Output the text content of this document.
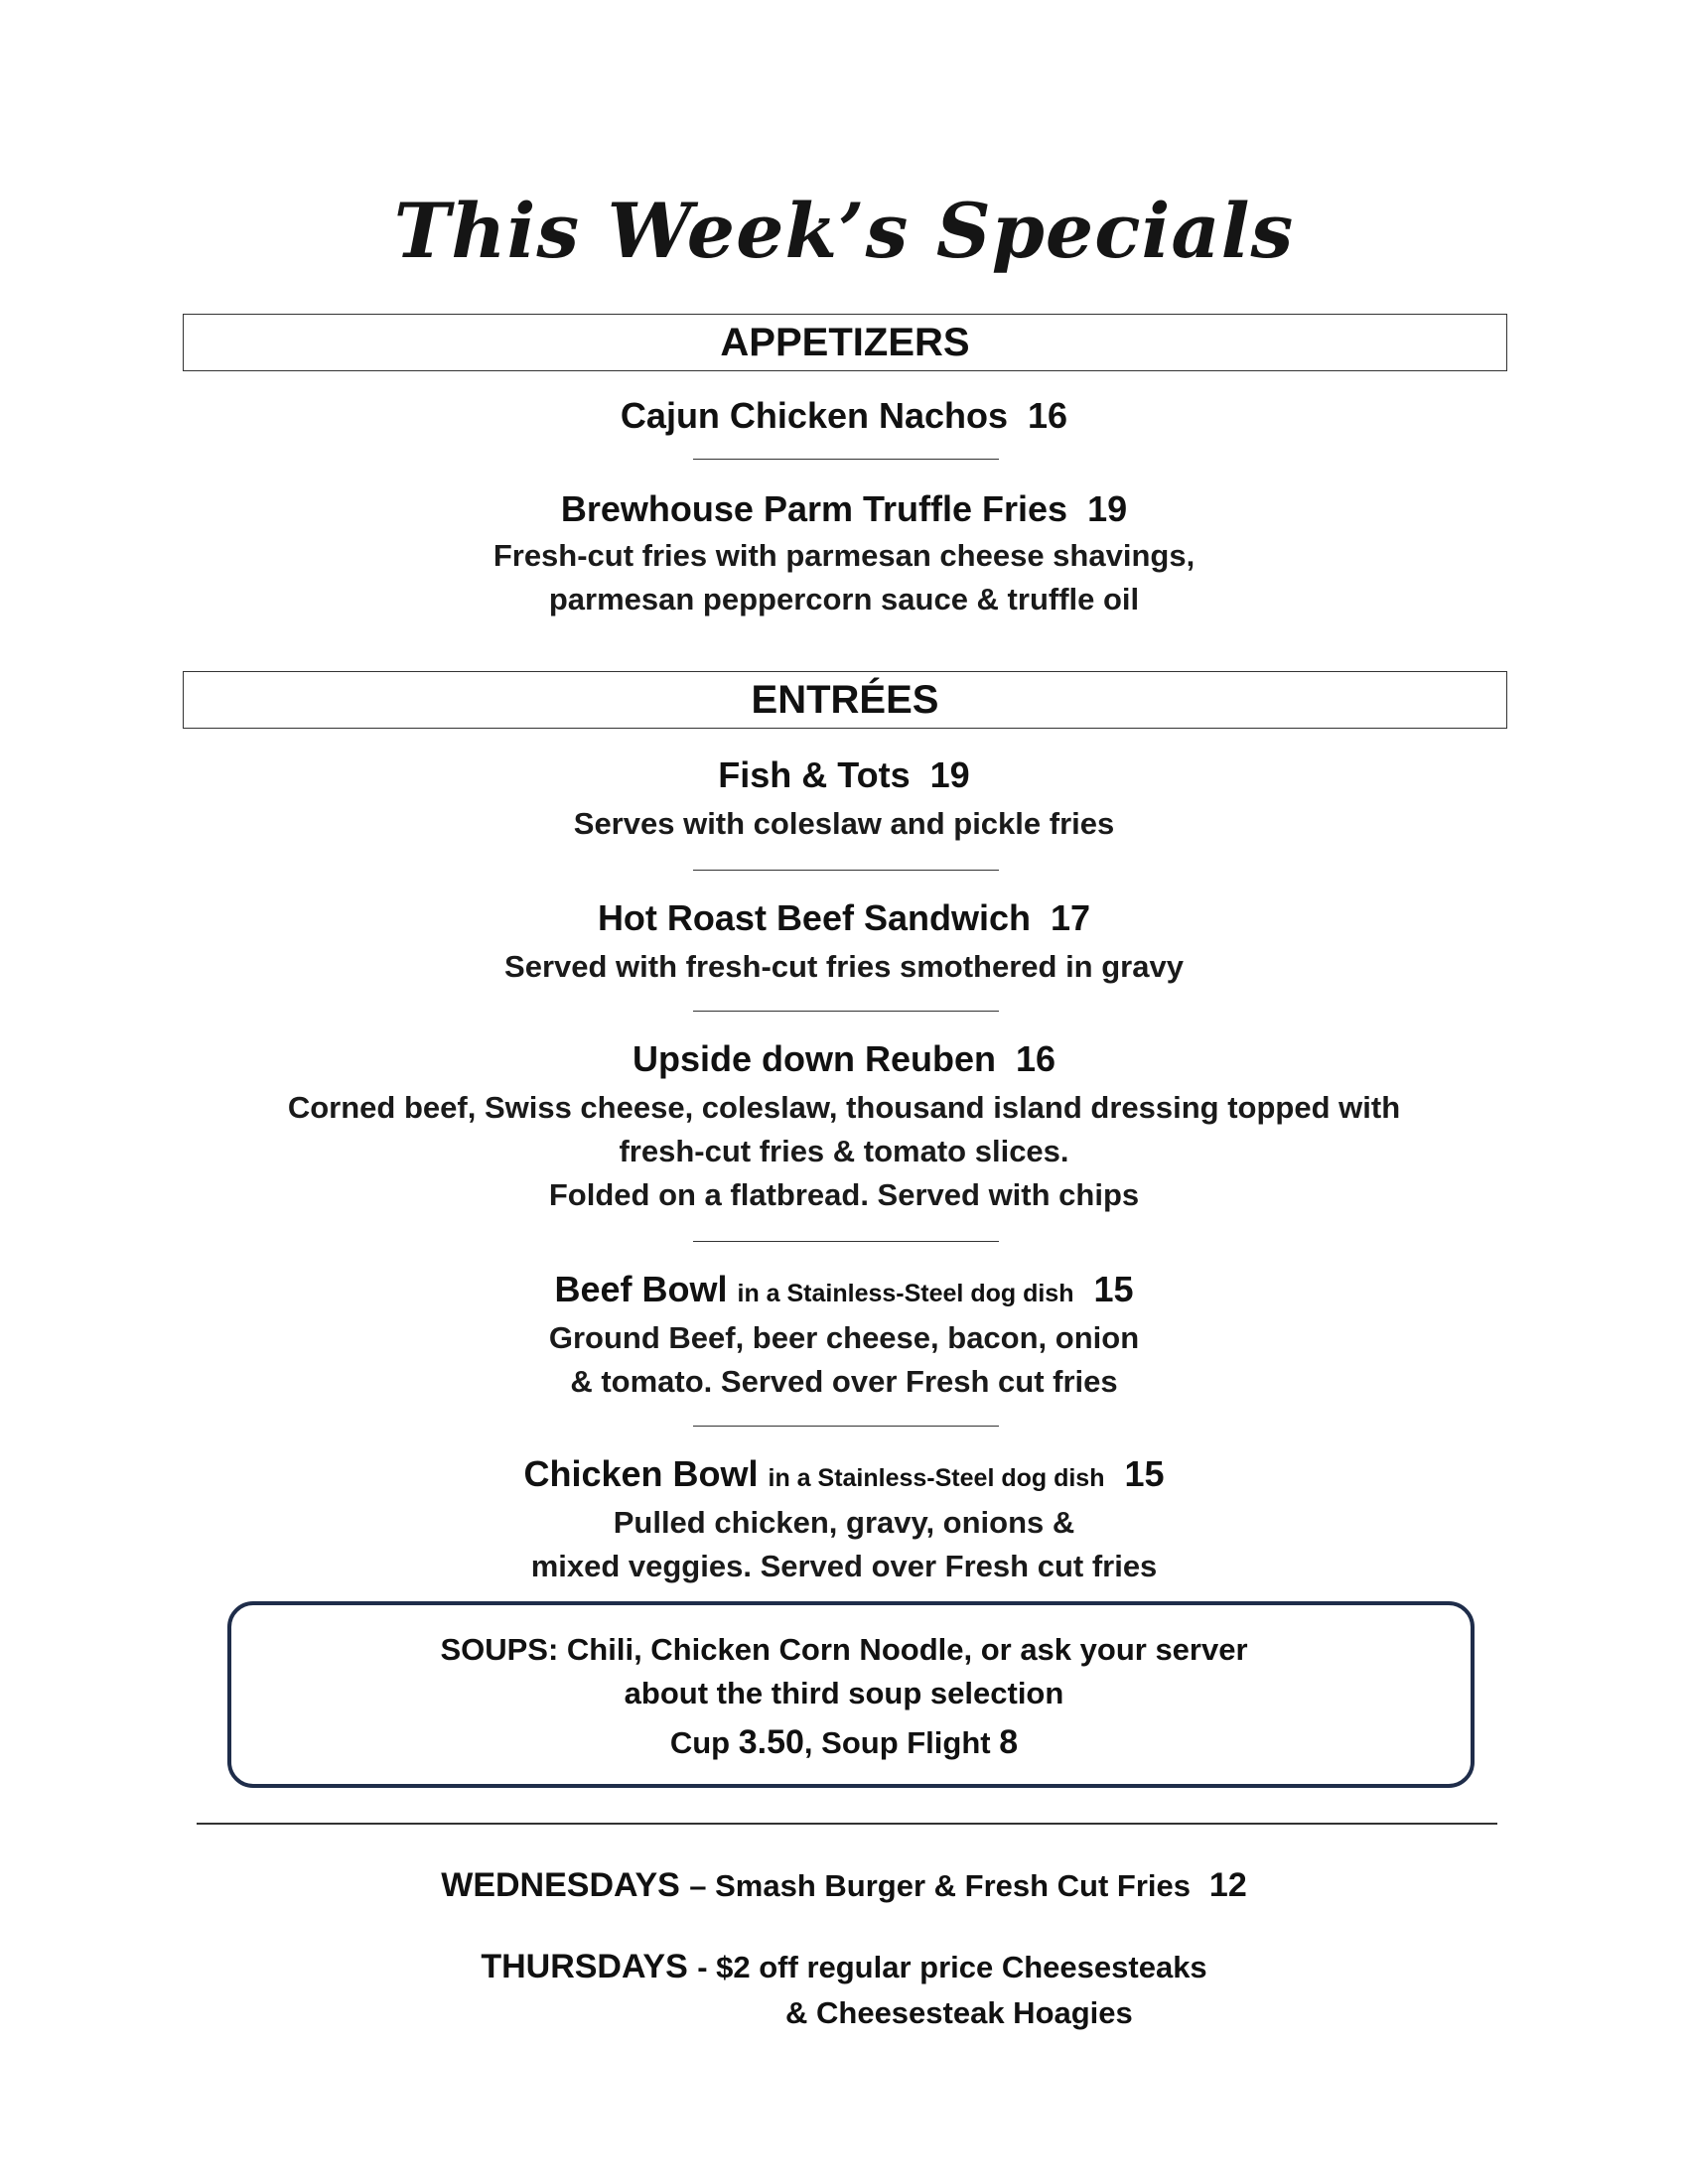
This Week’s Specials
APPETIZERS
Cajun Chicken Nachos 16
Brewhouse Parm Truffle Fries 19
Fresh-cut fries with parmesan cheese shavings,
parmesan peppercorn sauce & truffle oil
ENTRÉES
Fish & Tots 19
Serves with coleslaw and pickle fries
Hot Roast Beef Sandwich 17
Served with fresh-cut fries smothered in gravy
Upside down Reuben 16
Corned beef, Swiss cheese, coleslaw, thousand island dressing topped with
fresh-cut fries & tomato slices.
Folded on a flatbread. Served with chips
Beef Bowl in a Stainless-Steel dog dish 15
Ground Beef, beer cheese, bacon, onion
& tomato. Served over Fresh cut fries
Chicken Bowl in a Stainless-Steel dog dish 15
Pulled chicken, gravy, onions &
mixed veggies. Served over Fresh cut fries
SOUPS: Chili, Chicken Corn Noodle, or ask your server
about the third soup selection
Cup 3.50, Soup Flight 8
WEDNESDAYS – Smash Burger & Fresh Cut Fries 12
THURSDAYS - $2 off regular price Cheesesteaks
& Cheesesteak Hoagies
